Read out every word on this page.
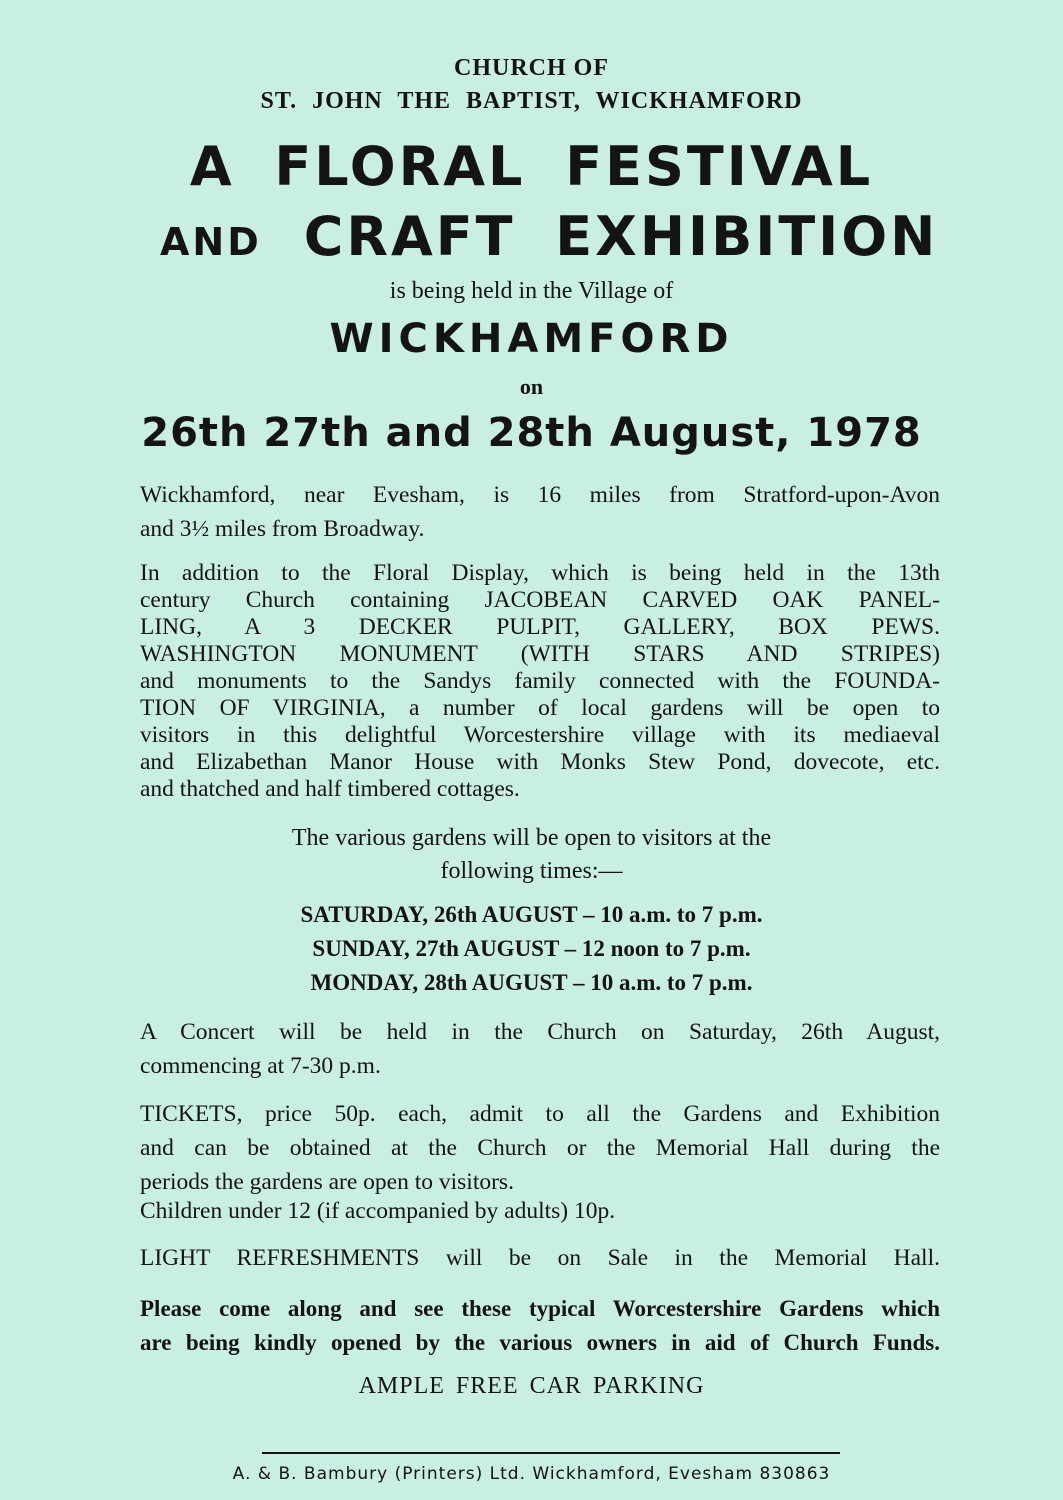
CHURCH OF
ST. JOHN THE BAPTIST, WICKHAMFORD
A FLORAL FESTIVAL
AND CRAFT EXHIBITION
is being held in the Village of
WICKHAMFORD
on
26th 27th and 28th August, 1978
Wickhamford, near Evesham, is 16 miles from Stratford-upon-Avon
and 3½ miles from Broadway.
In addition to the Floral Display, which is being held in the 13th
century Church containing JACOBEAN CARVED OAK PANEL-
LING, A 3 DECKER PULPIT, GALLERY, BOX PEWS.
WASHINGTON MONUMENT (WITH STARS AND STRIPES)
and monuments to the Sandys family connected with the FOUNDA-
TION OF VIRGINIA, a number of local gardens will be open to
visitors in this delightful Worcestershire village with its mediaeval
and Elizabethan Manor House with Monks Stew Pond, dovecote, etc.
and thatched and half timbered cottages.
The various gardens will be open to visitors at the
following times:—
SATURDAY, 26th AUGUST – 10 a.m. to 7 p.m.
SUNDAY, 27th AUGUST – 12 noon to 7 p.m.
MONDAY, 28th AUGUST – 10 a.m. to 7 p.m.
A Concert will be held in the Church on Saturday, 26th August,
commencing at 7-30 p.m.
TICKETS, price 50p. each, admit to all the Gardens and Exhibition
and can be obtained at the Church or the Memorial Hall during the
periods the gardens are open to visitors.
Children under 12 (if accompanied by adults) 10p.
LIGHT REFRESHMENTS will be on Sale in the Memorial Hall.
Please come along and see these typical Worcestershire Gardens which
are being kindly opened by the various owners in aid of Church Funds.
AMPLE FREE CAR PARKING
A. & B. Bambury (Printers) Ltd. Wickhamford, Evesham 830863
